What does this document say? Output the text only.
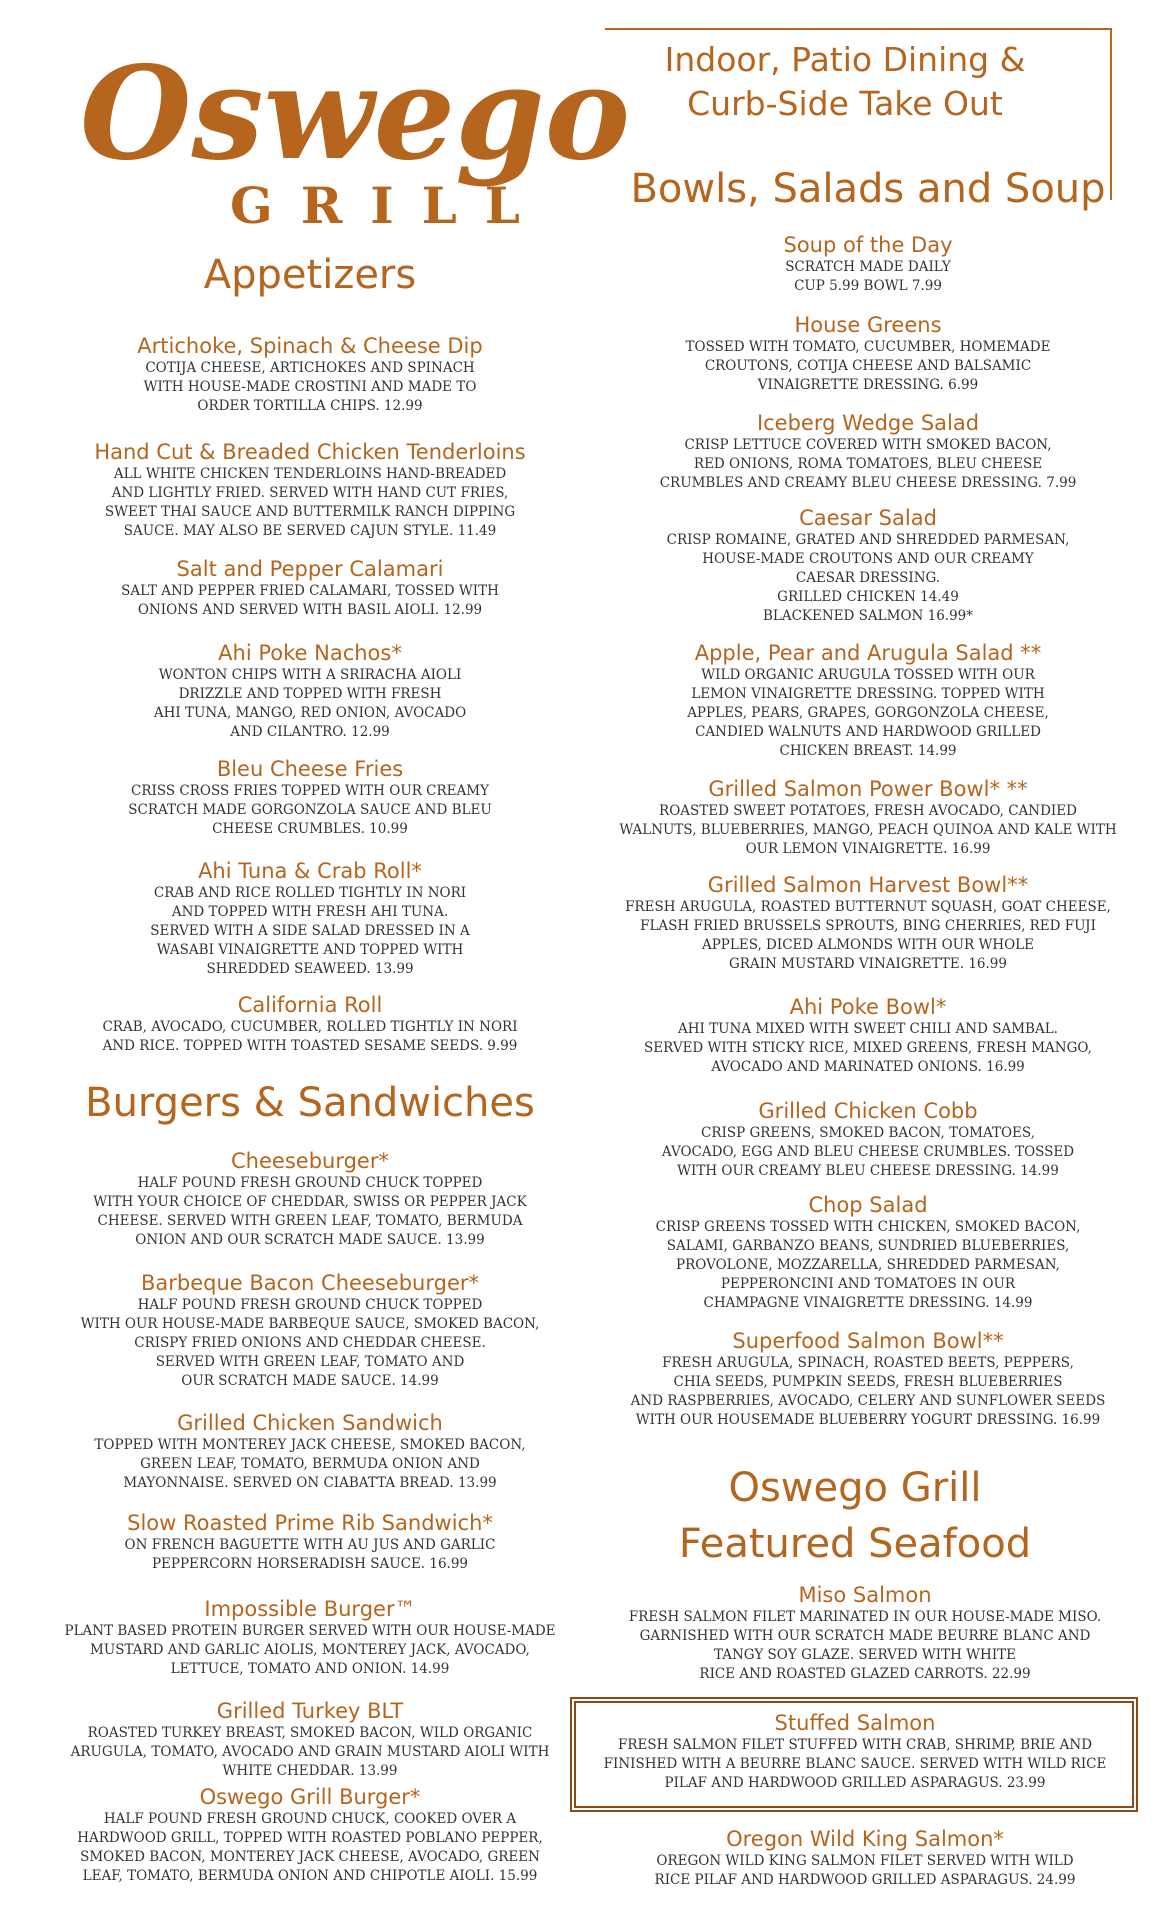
Oswego
GRILL
Indoor, Patio Dining &
Curb-Side Take Out
Appetizers

Artichoke, Spinach & Cheese Dip

COTIJA CHEESE, ARTICHOKES AND SPINACH
WITH HOUSE-MADE CROSTINI AND MADE TO
ORDER TORTILLA CHIPS. 12.99

Hand Cut & Breaded Chicken Tenderloins

ALL WHITE CHICKEN TENDERLOINS HAND-BREADED
AND LIGHTLY FRIED. SERVED WITH HAND CUT FRIES,
SWEET THAI SAUCE AND BUTTERMILK RANCH DIPPING
SAUCE. MAY ALSO BE SERVED CAJUN STYLE. 11.49

Salt and Pepper Calamari

SALT AND PEPPER FRIED CALAMARI, TOSSED WITH
ONIONS AND SERVED WITH BASIL AIOLI. 12.99

Ahi Poke Nachos*

WONTON CHIPS WITH A SRIRACHA AIOLI
DRIZZLE AND TOPPED WITH FRESH
AHI TUNA, MANGO, RED ONION, AVOCADO
AND CILANTRO. 12.99

Bleu Cheese Fries

CRISS CROSS FRIES TOPPED WITH OUR CREAMY
SCRATCH MADE GORGONZOLA SAUCE AND BLEU
CHEESE CRUMBLES. 10.99

Ahi Tuna & Crab Roll*

CRAB AND RICE ROLLED TIGHTLY IN NORI
AND TOPPED WITH FRESH AHI TUNA.
SERVED WITH A SIDE SALAD DRESSED IN A
WASABI VINAIGRETTE AND TOPPED WITH
SHREDDED SEAWEED. 13.99

California Roll

CRAB, AVOCADO, CUCUMBER, ROLLED TIGHTLY IN NORI
AND RICE. TOPPED WITH TOASTED SESAME SEEDS. 9.99

Burgers & Sandwiches

Cheeseburger*

HALF POUND FRESH GROUND CHUCK TOPPED
WITH YOUR CHOICE OF CHEDDAR, SWISS OR PEPPER JACK
CHEESE. SERVED WITH GREEN LEAF, TOMATO, BERMUDA
ONION AND OUR SCRATCH MADE SAUCE. 13.99

Barbeque Bacon Cheeseburger*

HALF POUND FRESH GROUND CHUCK TOPPED
WITH OUR HOUSE-MADE BARBEQUE SAUCE, SMOKED BACON,
CRISPY FRIED ONIONS AND CHEDDAR CHEESE.
SERVED WITH GREEN LEAF, TOMATO AND
OUR SCRATCH MADE SAUCE. 14.99

Grilled Chicken Sandwich

TOPPED WITH MONTEREY JACK CHEESE, SMOKED BACON,
GREEN LEAF, TOMATO, BERMUDA ONION AND
MAYONNAISE. SERVED ON CIABATTA BREAD. 13.99

Slow Roasted Prime Rib Sandwich*

ON FRENCH BAGUETTE WITH AU JUS AND GARLIC
PEPPERCORN HORSERADISH SAUCE. 16.99

Impossible Burger™

PLANT BASED PROTEIN BURGER SERVED WITH OUR HOUSE-MADE
MUSTARD AND GARLIC AIOLIS, MONTEREY JACK, AVOCADO,
LETTUCE, TOMATO AND ONION. 14.99

Grilled Turkey BLT

ROASTED TURKEY BREAST, SMOKED BACON, WILD ORGANIC
ARUGULA, TOMATO, AVOCADO AND GRAIN MUSTARD AIOLI WITH
WHITE CHEDDAR. 13.99

Oswego Grill Burger*

HALF POUND FRESH GROUND CHUCK, COOKED OVER A
HARDWOOD GRILL, TOPPED WITH ROASTED POBLANO PEPPER,
SMOKED BACON, MONTEREY JACK CHEESE, AVOCADO, GREEN
LEAF, TOMATO, BERMUDA ONION AND CHIPOTLE AIOLI. 15.99

Bowls, Salads and Soup

Soup of the Day

SCRATCH MADE DAILY
CUP 5.99 BOWL 7.99

House Greens

TOSSED WITH TOMATO, CUCUMBER, HOMEMADE
CROUTONS, COTIJA CHEESE AND BALSAMIC
VINAIGRETTE DRESSING. 6.99

Iceberg Wedge Salad

CRISP LETTUCE COVERED WITH SMOKED BACON,
RED ONIONS, ROMA TOMATOES, BLEU CHEESE
CRUMBLES AND CREAMY BLEU CHEESE DRESSING. 7.99

Caesar Salad

CRISP ROMAINE, GRATED AND SHREDDED PARMESAN,
HOUSE-MADE CROUTONS AND OUR CREAMY
CAESAR DRESSING.
GRILLED CHICKEN 14.49
BLACKENED SALMON 16.99*

Apple, Pear and Arugula Salad **

WILD ORGANIC ARUGULA TOSSED WITH OUR
LEMON VINAIGRETTE DRESSING. TOPPED WITH
APPLES, PEARS, GRAPES, GORGONZOLA CHEESE,
CANDIED WALNUTS AND HARDWOOD GRILLED
CHICKEN BREAST. 14.99

Grilled Salmon Power Bowl* **

ROASTED SWEET POTATOES, FRESH AVOCADO, CANDIED
WALNUTS, BLUEBERRIES, MANGO, PEACH QUINOA AND KALE WITH
OUR LEMON VINAIGRETTE. 16.99

Grilled Salmon Harvest Bowl**

FRESH ARUGULA, ROASTED BUTTERNUT SQUASH, GOAT CHEESE,
FLASH FRIED BRUSSELS SPROUTS, BING CHERRIES, RED FUJI
APPLES, DICED ALMONDS WITH OUR WHOLE
GRAIN MUSTARD VINAIGRETTE. 16.99

Ahi Poke Bowl*

AHI TUNA MIXED WITH SWEET CHILI AND SAMBAL.
SERVED WITH STICKY RICE, MIXED GREENS, FRESH MANGO,
AVOCADO AND MARINATED ONIONS. 16.99

Grilled Chicken Cobb

CRISP GREENS, SMOKED BACON, TOMATOES,
AVOCADO, EGG AND BLEU CHEESE CRUMBLES. TOSSED
WITH OUR CREAMY BLEU CHEESE DRESSING. 14.99

Chop Salad

CRISP GREENS TOSSED WITH CHICKEN, SMOKED BACON,
SALAMI, GARBANZO BEANS, SUNDRIED BLUEBERRIES,
PROVOLONE, MOZZARELLA, SHREDDED PARMESAN,
PEPPERONCINI AND TOMATOES IN OUR
CHAMPAGNE VINAIGRETTE DRESSING. 14.99

Superfood Salmon Bowl**

FRESH ARUGULA, SPINACH, ROASTED BEETS, PEPPERS,
CHIA SEEDS, PUMPKIN SEEDS, FRESH BLUEBERRIES
AND RASPBERRIES, AVOCADO, CELERY AND SUNFLOWER SEEDS
WITH OUR HOUSEMADE BLUEBERRY YOGURT DRESSING. 16.99

Oswego Grill
Featured Seafood

Miso Salmon

FRESH SALMON FILET MARINATED IN OUR HOUSE-MADE MISO.
GARNISHED WITH OUR SCRATCH MADE BEURRE BLANC AND
TANGY SOY GLAZE. SERVED WITH WHITE
RICE AND ROASTED GLAZED CARROTS. 22.99

Stuffed Salmon

FRESH SALMON FILET STUFFED WITH CRAB, SHRIMP, BRIE AND
FINISHED WITH A BEURRE BLANC SAUCE. SERVED WITH WILD RICE
PILAF AND HARDWOOD GRILLED ASPARAGUS. 23.99

Oregon Wild King Salmon*

OREGON WILD KING SALMON FILET SERVED WITH WILD
RICE PILAF AND HARDWOOD GRILLED ASPARAGUS. 24.99
